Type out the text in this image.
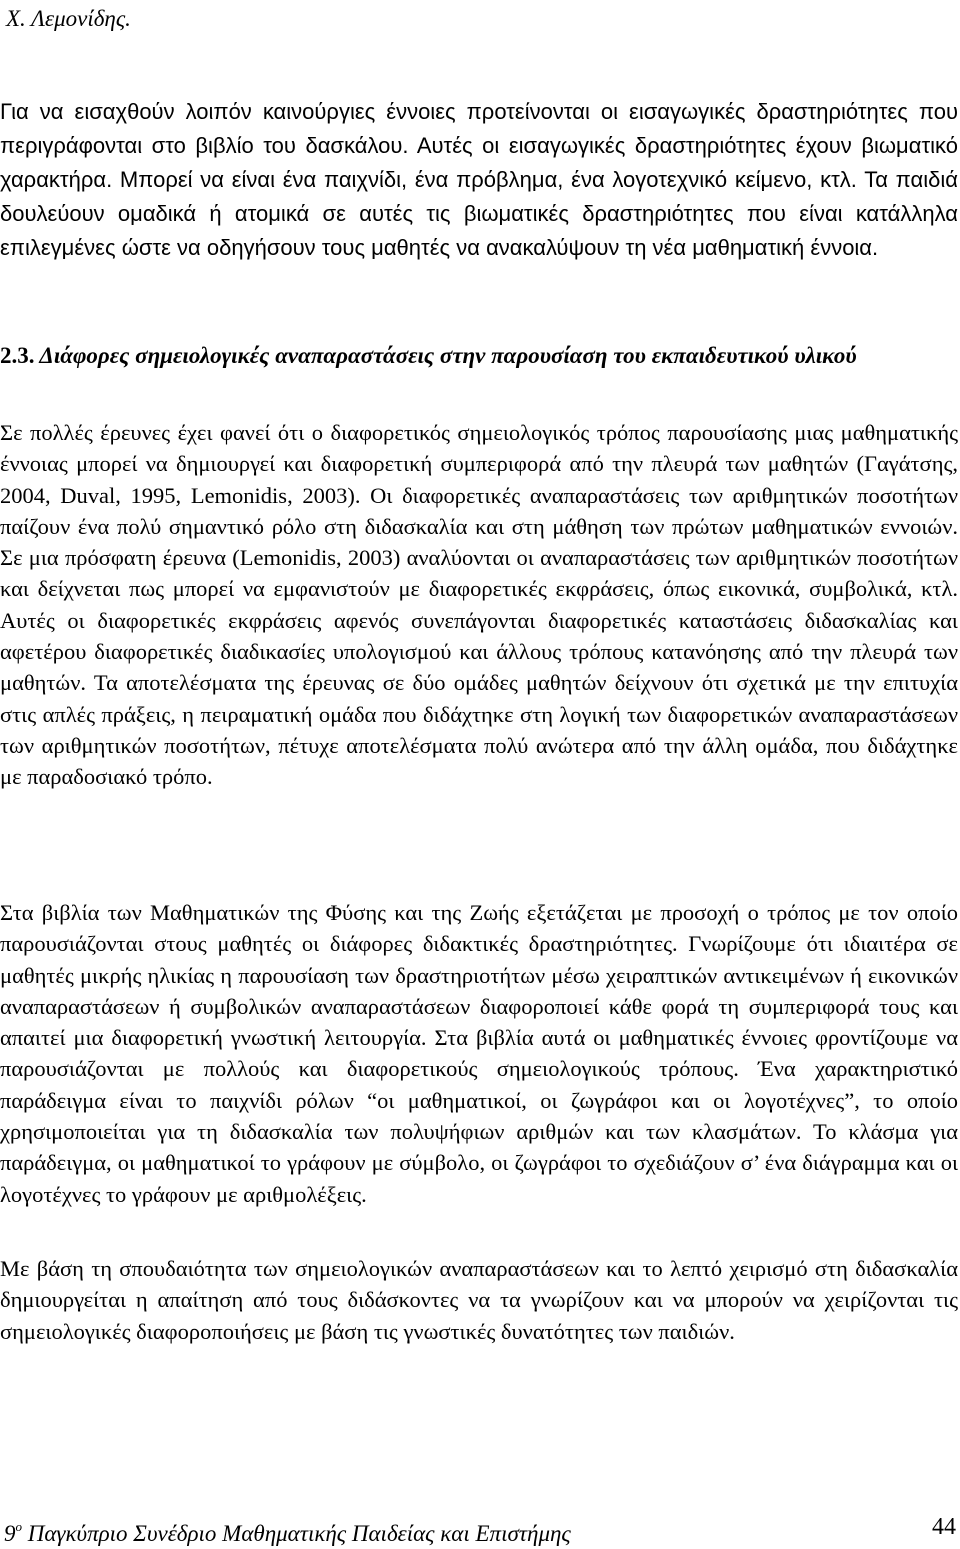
Χ. Λεμονίδης.

Για να εισαχθούν λοιπόν καινούργιες έννοιες προτείνονται οι εισαγωγικές δραστηριότητες που περιγράφονται στο βιβλίο του δασκάλου. Αυτές οι εισαγωγικές δραστηριότητες έχουν βιωματικό χαρακτήρα. Μπορεί να είναι ένα παιχνίδι, ένα πρόβλημα, ένα λογοτεχνικό κείμενο, κτλ. Τα παιδιά δουλεύουν ομαδικά ή ατομικά σε αυτές τις βιωματικές δραστηριότητες που είναι κατάλληλα επιλεγμένες ώστε να οδηγήσουν τους μαθητές να ανακαλύψουν τη νέα μαθηματική έννοια.

2.3. Διάφορες σημειολογικές αναπαραστάσεις στην παρουσίαση του εκπαιδευτικού υλικού

Σε πολλές έρευνες έχει φανεί ότι ο διαφορετικός σημειολογικός τρόπος παρουσίασης μιας μαθηματικής έννοιας μπορεί να δημιουργεί και διαφορετική συμπεριφορά από την πλευρά των μαθητών (Γαγάτσης, 2004, Duval, 1995, Lemonidis, 2003). Οι διαφορετικές αναπαραστάσεις των αριθμητικών ποσοτήτων παίζουν ένα πολύ σημαντικό ρόλο στη διδασκαλία και στη μάθηση των πρώτων μαθηματικών εννοιών. Σε μια πρόσφατη έρευνα (Lemonidis, 2003) αναλύονται οι αναπαραστάσεις των αριθμητικών ποσοτήτων και δείχνεται πως μπορεί να εμφανιστούν με διαφορετικές εκφράσεις, όπως εικονικά, συμβολικά, κτλ. Αυτές οι διαφορετικές εκφράσεις αφενός συνεπάγονται διαφορετικές καταστάσεις διδασκαλίας και αφετέρου διαφορετικές διαδικασίες υπολογισμού και άλλους τρόπους κατανόησης από την πλευρά των μαθητών. Τα αποτελέσματα της έρευνας σε δύο ομάδες μαθητών δείχνουν ότι σχετικά με την επιτυχία στις απλές πράξεις, η πειραματική ομάδα που διδάχτηκε στη λογική των διαφορετικών αναπαραστάσεων των αριθμητικών ποσοτήτων, πέτυχε αποτελέσματα πολύ ανώτερα από την άλλη ομάδα, που διδάχτηκε με παραδοσιακό τρόπο.

Στα βιβλία των Μαθηματικών της Φύσης και της Ζωής εξετάζεται με προσοχή ο τρόπος με τον οποίο παρουσιάζονται στους μαθητές οι διάφορες διδακτικές δραστηριότητες. Γνωρίζουμε ότι ιδιαιτέρα σε μαθητές μικρής ηλικίας η παρουσίαση των δραστηριοτήτων μέσω χειραπτικών αντικειμένων ή εικονικών αναπαραστάσεων ή συμβολικών αναπαραστάσεων διαφοροποιεί κάθε φορά τη συμπεριφορά τους και απαιτεί μια διαφορετική γνωστική λειτουργία. Στα βιβλία αυτά οι μαθηματικές έννοιες φροντίζουμε να παρουσιάζονται με πολλούς και διαφορετικούς σημειολογικούς τρόπους. Ένα χαρακτηριστικό παράδειγμα είναι το παιχνίδι ρόλων “οι μαθηματικοί, οι ζωγράφοι και οι λογοτέχνες”, το οποίο χρησιμοποιείται για τη διδασκαλία των πολυψήφιων αριθμών και των κλασμάτων. Το κλάσμα για παράδειγμα, οι μαθηματικοί το γράφουν με σύμβολο, οι ζωγράφοι το σχεδιάζουν σ’ ένα διάγραμμα και οι λογοτέχνες το γράφουν με αριθμολέξεις.

Με βάση τη σπουδαιότητα των σημειολογικών αναπαραστάσεων και το λεπτό χειρισμό στη διδασκαλία δημιουργείται η απαίτηση από τους διδάσκοντες να τα γνωρίζουν και να μπορούν να χειρίζονται τις σημειολογικές διαφοροποιήσεις με βάση τις γνωστικές δυνατότητες των παιδιών.

$9^o$ Παγκύπριο Συνέδριο Μαθηματικής Παιδείας και Επιστήμης	44
